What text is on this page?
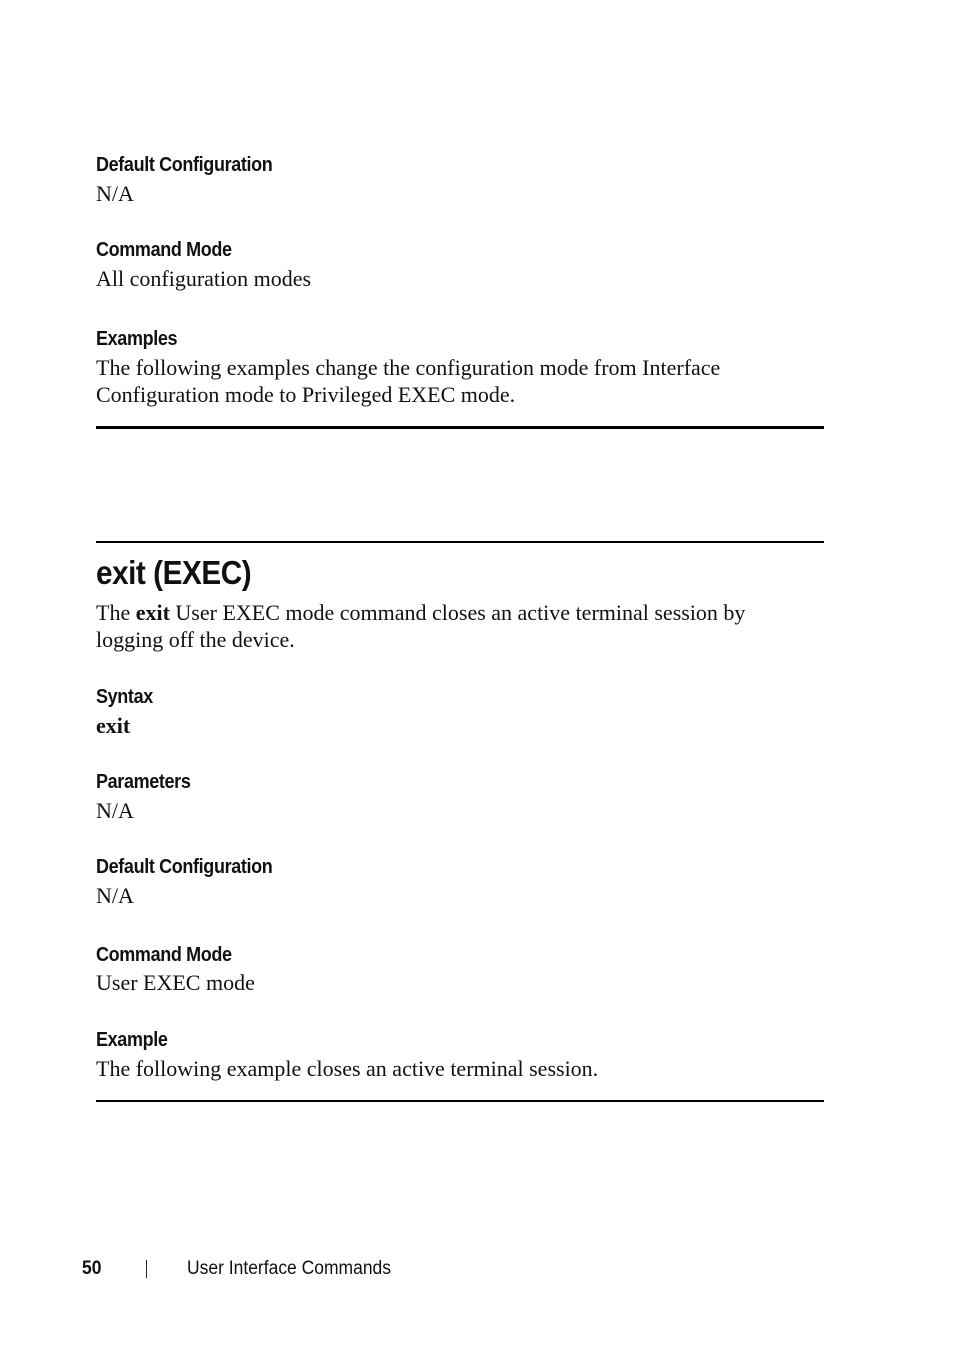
Default Configuration
N/A
Command Mode
All configuration modes
Examples
The following examples change the configuration mode from Interface
Configuration mode to Privileged EXEC mode.
exit (EXEC)
The exit User EXEC mode command closes an active terminal session by
logging off the device.
Syntax
exit
Parameters
N/A
Default Configuration
N/A
Command Mode
User EXEC mode
Example
The following example closes an active terminal session.
50	User Interface Commands
